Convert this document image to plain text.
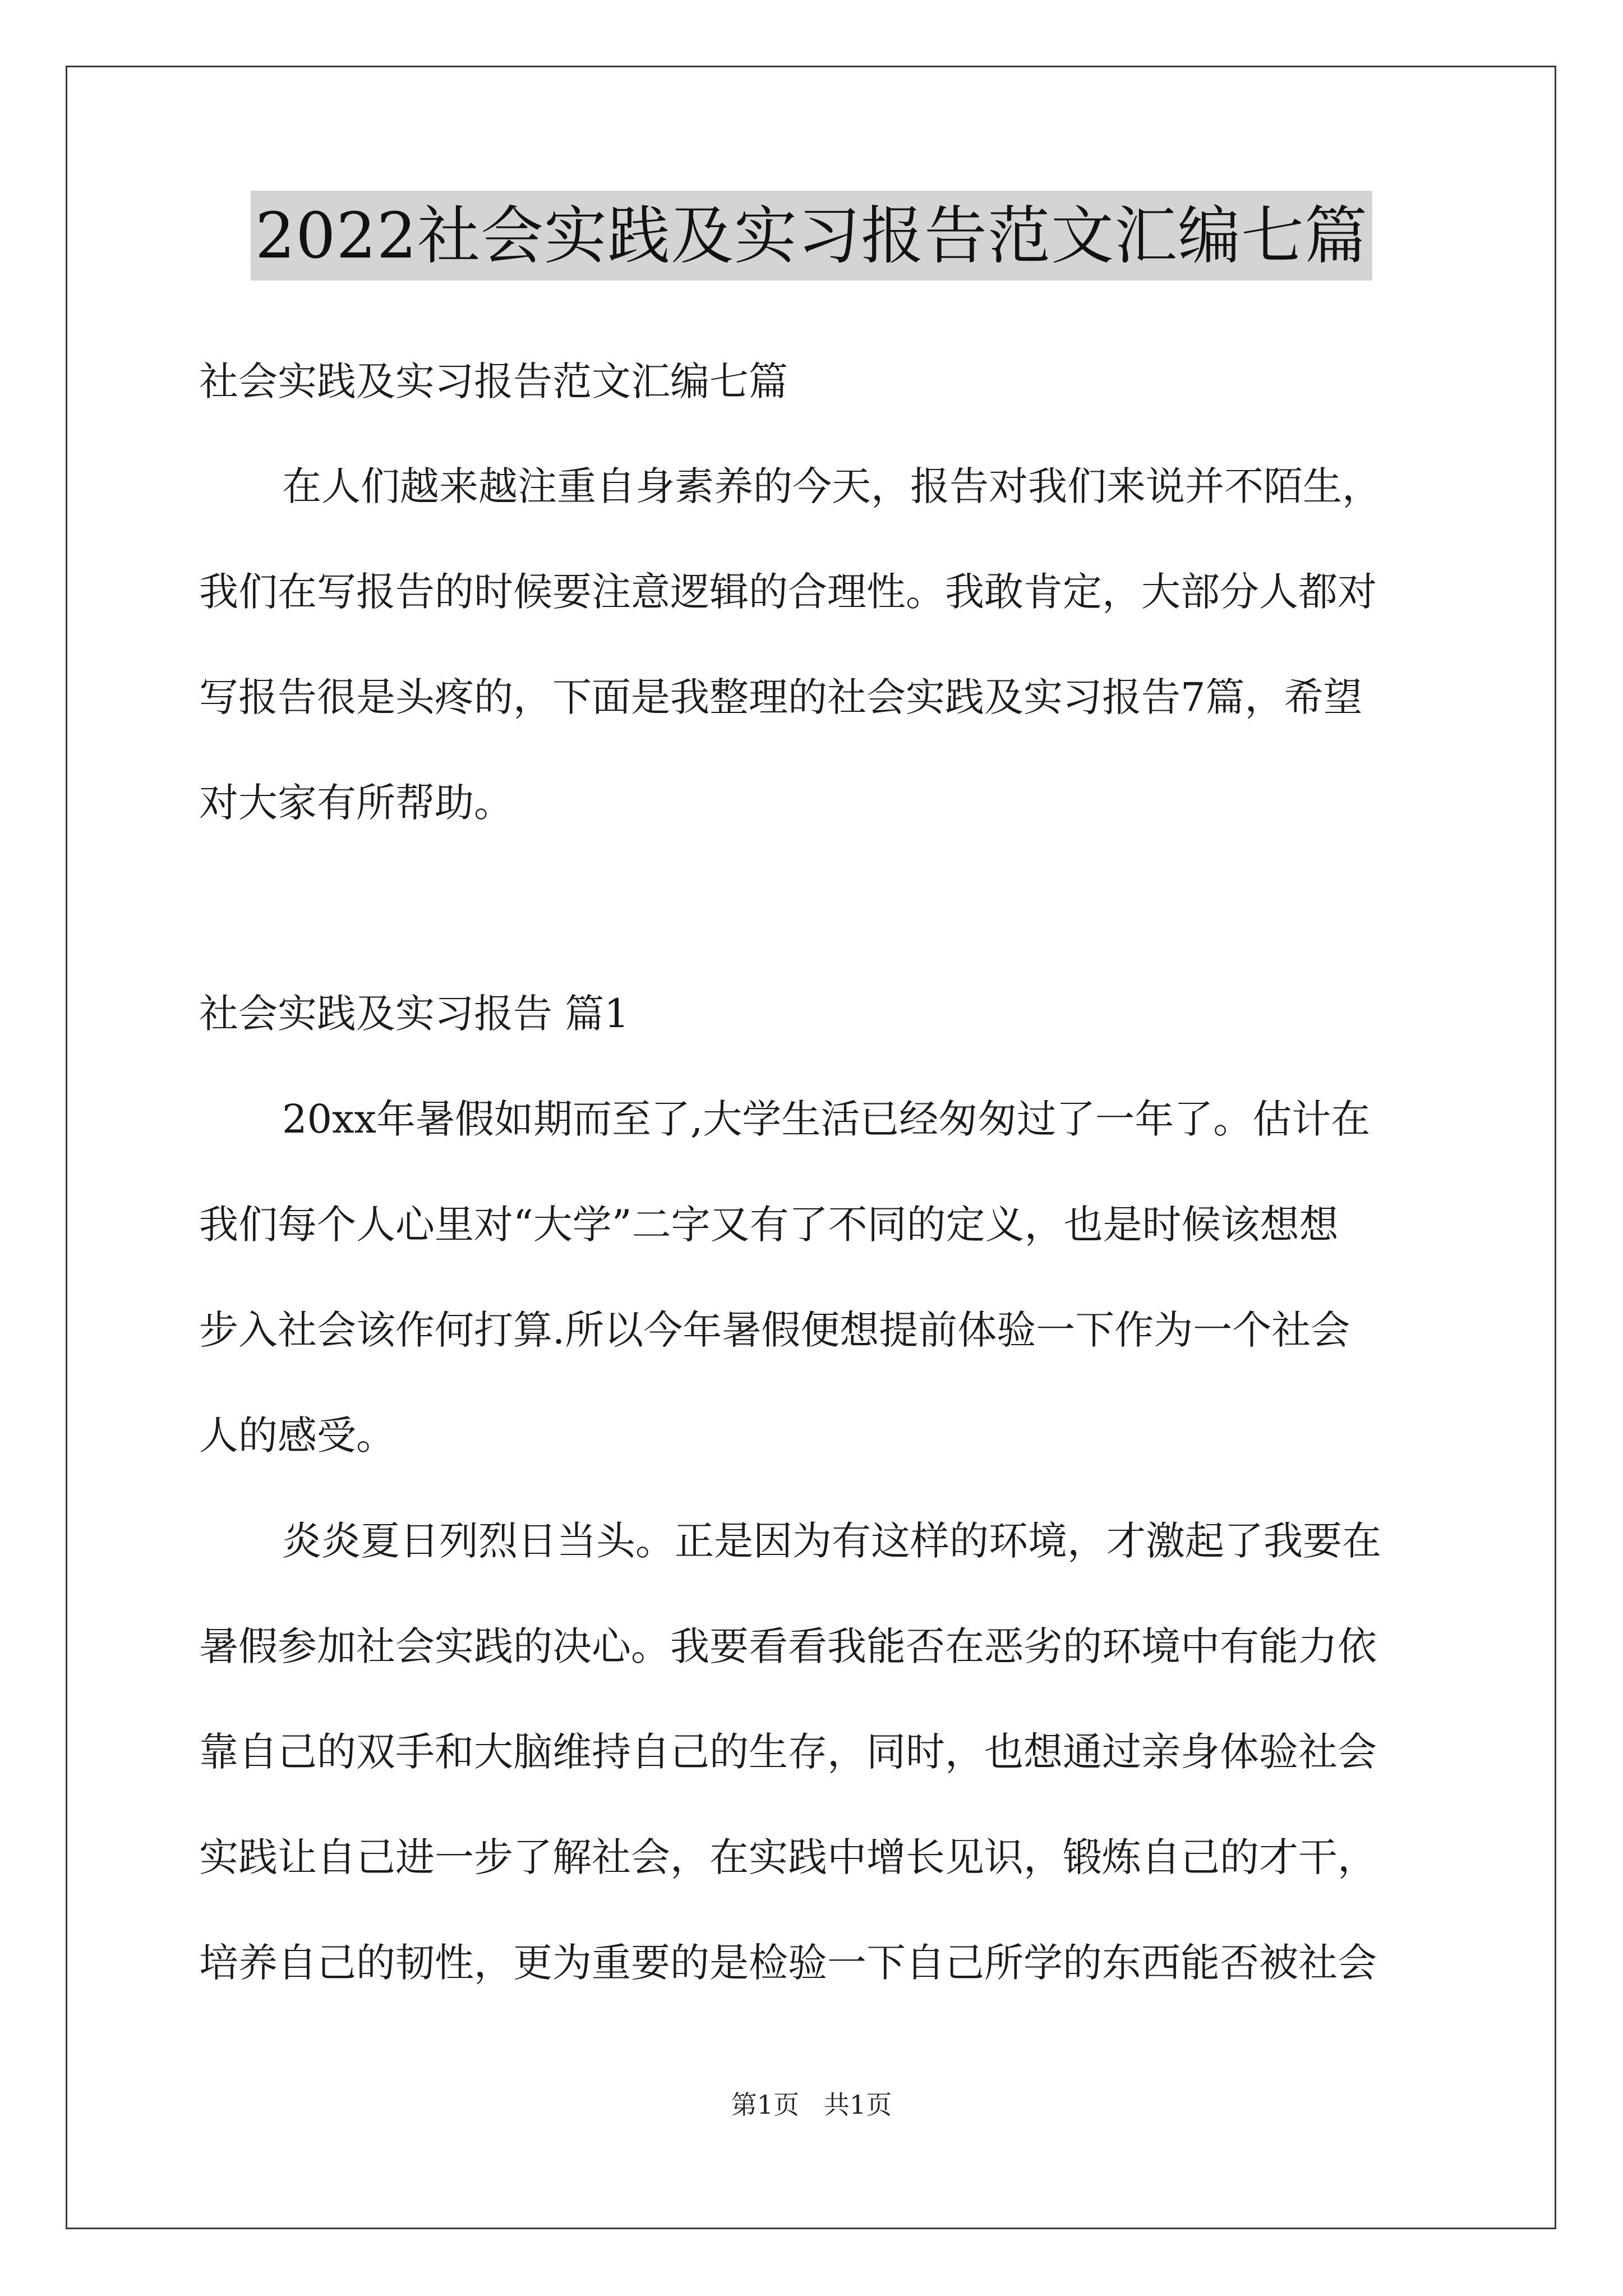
2022社会实践及实习报告范文汇编七篇
社会实践及实习报告范文汇编七篇
在人们越来越注重自身素养的今天，报告对我们来说并不陌生，
我们在写报告的时候要注意逻辑的合理性。我敢肯定，大部分人都对
写报告很是头疼的，下面是我整理的社会实践及实习报告7篇，希望
对大家有所帮助。
社会实践及实习报告 篇1
20xx年暑假如期而至了,大学生活已经匆匆过了一年了。估计在
我们每个人心里对“大学”二字又有了不同的定义，也是时候该想想
步入社会该作何打算.所以今年暑假便想提前体验一下作为一个社会
人的感受。
炎炎夏日列烈日当头。正是因为有这样的环境，才激起了我要在
暑假参加社会实践的决心。我要看看我能否在恶劣的环境中有能力依
靠自己的双手和大脑维持自己的生存，同时，也想通过亲身体验社会
实践让自己进一步了解社会，在实践中增长见识，锻炼自己的才干，
培养自己的韧性，更为重要的是检验一下自己所学的东西能否被社会
第1页   共1页
